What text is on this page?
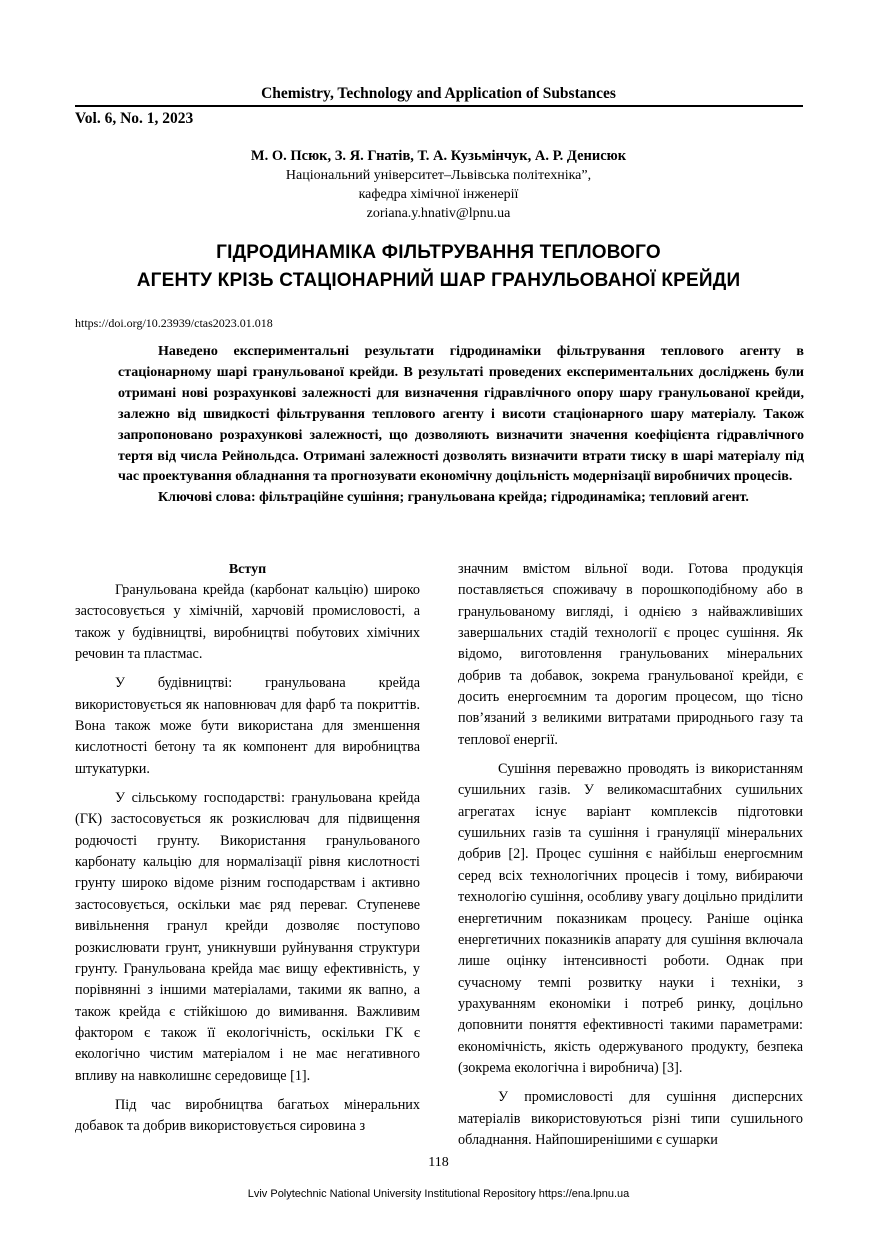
Chemistry, Technology and Application of Substances
Vol. 6, No. 1, 2023
М. О. Псюк, З. Я. Гнатів, Т. А. Кузьмінчук, А. Р. Денисюк
Національний університет–Львівська політехніка”,
кафедра хімічної інженерії
zoriana.y.hnativ@lpnu.ua
ГІДРОДИНАМІКА ФІЛЬТРУВАННЯ ТЕПЛОВОГО
АГЕНТУ КРІЗЬ СТАЦІОНАРНИЙ ШАР ГРАНУЛЬОВАНОЇ КРЕЙДИ
https://doi.org/10.23939/ctas2023.01.018

Наведено експериментальні результати гідродинаміки фільтрування теплового агенту в стаціонарному шарі гранульованої крейди. В результаті проведених експериментальних досліджень були отримані нові розрахункові залежності для визначення гідравлічного опору шару гранульованої крейди, залежно від швидкості фільтрування теплового агенту і висоти стаціонарного шару матеріалу. Також запропоновано розрахункові залежності, що дозволяють визначити значення коефіцієнта гідравлічного тертя від числа Рейнольдса. Отримані залежності дозволять визначити втрати тиску в шарі матеріалу під час проектування обладнання та прогнозувати економічну доцільність модернізації виробничих процесів.

Ключові слова: фільтраційне сушіння; гранульована крейда; гідродинаміка; тепловий агент.

Вступ

Гранульована крейда (карбонат кальцію) широко застосовується у хімічній, харчовій промисловості, а також у будівництві, виробництві побутових хімічних речовин та пластмас.

У будівництві: гранульована крейда використовується як наповнювач для фарб та покриттів. Вона також може бути використана для зменшення кислотності бетону та як компонент для виробництва штукатурки.

У сільському господарстві: гранульована крейда (ГК) застосовується як розкислювач для підвищення родючості грунту. Використання гранульованого карбонату кальцію для нормалізації рівня кислотності грунту широко відоме різним господарствам і активно застосовується, оскільки має ряд переваг. Ступеневе вивільнення гранул крейди дозволяє поступово розкислювати грунт, уникнувши руйнування структури грунту. Гранульована крейда має вищу ефективність, у порівнянні з іншими матеріалами, такими як вапно, а також крейда є стійкішою до вимивання. Важливим фактором є також її екологічність, оскільки ГК є екологічно чистим матеріалом і не має негативного впливу на навколишнє середовище [1].

Під час виробництва багатьох мінеральних добавок та добрив використовується сировина з

значним вмістом вільної води. Готова продукція поставляється споживачу в порошкоподібному або в гранульованому вигляді, і однією з найважливіших завершальних стадій технології є процес сушіння. Як відомо, виготовлення гранульованих мінеральних добрив та добавок, зокрема гранульованої крейди, є досить енергоємним та дорогим процесом, що тісно пов’язаний з великими витратами природнього газу та теплової енергії.

Сушіння переважно проводять із використанням сушильних газів. У великомасштабних сушильних агрегатах існує варіант комплексів підготовки сушильних газів та сушіння і грануляції мінеральних добрив [2]. Процес сушіння є найбільш енергоємним серед всіх технологічних процесів і тому, вибираючи технологію сушіння, особливу увагу доцільно приділити енергетичним показникам процесу. Раніше оцінка енергетичних показників апарату для сушіння включала лише оцінку інтенсивності роботи. Однак при сучасному темпі розвитку науки і техніки, з урахуванням економіки і потреб ринку, доцільно доповнити поняття ефективності такими параметрами: економічність, якість одержуваного продукту, безпека (зокрема екологічна і виробнича) [3].

У промисловості для сушіння дисперсних матеріалів використовуються різні типи сушильного обладнання. Найпоширенішими є сушарки

118
Lviv Polytechnic National University Institutional Repository https://ena.lpnu.ua
